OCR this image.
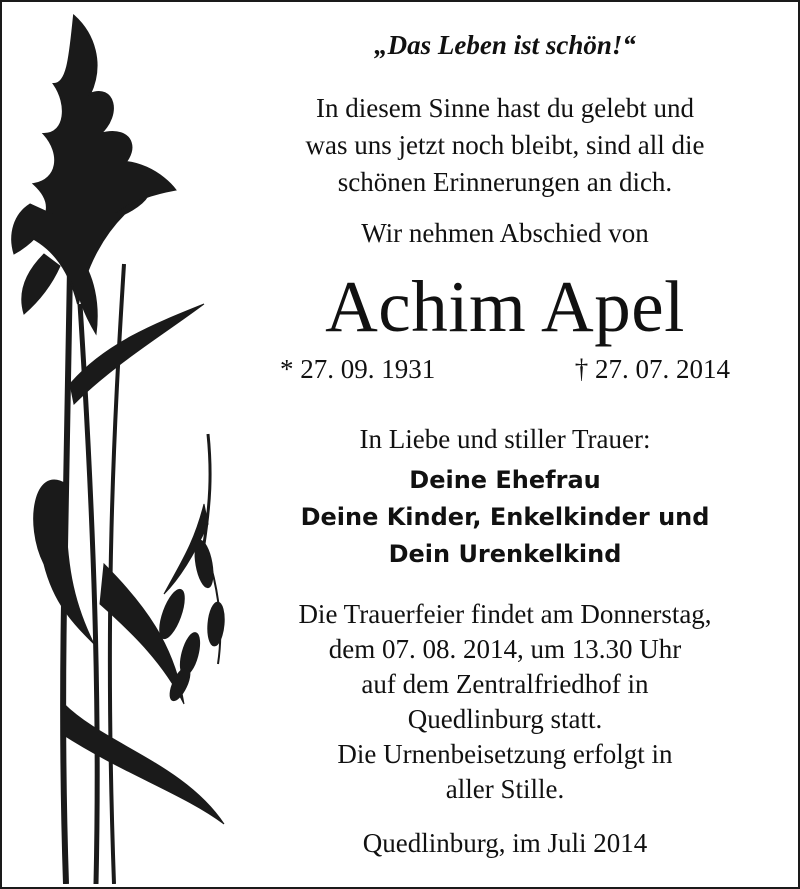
„Das Leben ist schön!“
In diesem Sinne hast du gelebt und
was uns jetzt noch bleibt, sind all die
schönen Erinnerungen an dich.
Wir nehmen Abschied von
Achim Apel
* 27. 09. 1931	† 27. 07. 2014
In Liebe und stiller Trauer:
Deine Ehefrau
Deine Kinder, Enkelkinder und
Dein Urenkelkind
Die Trauerfeier findet am Donnerstag,
dem 07. 08. 2014, um 13.30 Uhr
auf dem Zentralfriedhof in
Quedlinburg statt.
Die Urnenbeisetzung erfolgt in
aller Stille.
Quedlinburg, im Juli 2014
